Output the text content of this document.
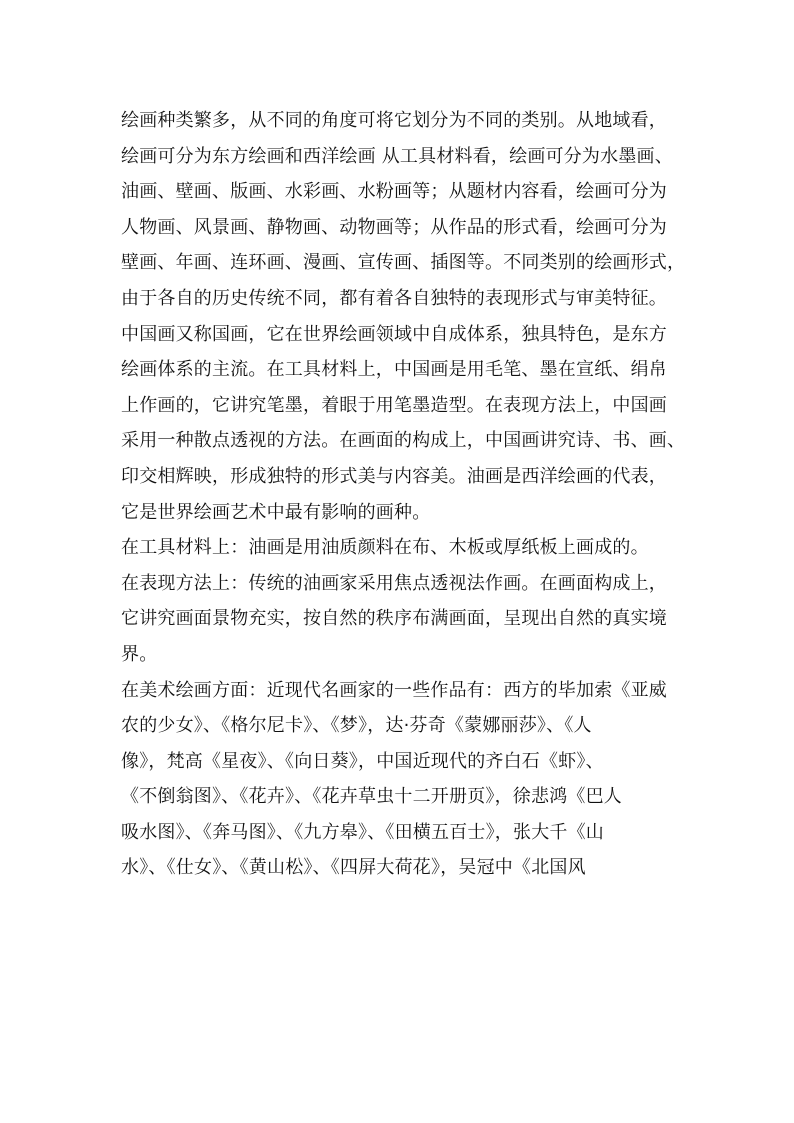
绘画种类繁多，从不同的角度可将它划分为不同的类别。从地域看，
绘画可分为东方绘画和西洋绘画 从工具材料看，绘画可分为水墨画、
油画、壁画、版画、水彩画、水粉画等；从题材内容看，绘画可分为
人物画、风景画、静物画、动物画等；从作品的形式看，绘画可分为
壁画、年画、连环画、漫画、宣传画、插图等。不同类别的绘画形式，
由于各自的历史传统不同，都有着各自独特的表现形式与审美特征。
中国画又称国画，它在世界绘画领域中自成体系，独具特色，是东方
绘画体系的主流。在工具材料上，中国画是用毛笔、墨在宣纸、绢帛
上作画的，它讲究笔墨，着眼于用笔墨造型。在表现方法上，中国画
采用一种散点透视的方法。在画面的构成上，中国画讲究诗、书、画、
印交相辉映，形成独特的形式美与内容美。油画是西洋绘画的代表，
它是世界绘画艺术中最有影响的画种。
在工具材料上：油画是用油质颜料在布、木板或厚纸板上画成的。
在表现方法上：传统的油画家采用焦点透视法作画。在画面构成上，
它讲究画面景物充实，按自然的秩序布满画面，呈现出自然的真实境
界。
在美术绘画方面：近现代名画家的一些作品有：西方的毕加索《亚威
农的少女》、《格尔尼卡》、《梦》，达·芬奇《蒙娜丽莎》、《人
像》，梵高《星夜》、《向日葵》，中国近现代的齐白石《虾》、
《不倒翁图》、《花卉》、《花卉草虫十二开册页》，徐悲鸿《巴人
吸水图》、《奔马图》、《九方皋》、《田横五百士》，张大千《山
水》、《仕女》、《黄山松》、《四屏大荷花》，吴冠中《北国风
